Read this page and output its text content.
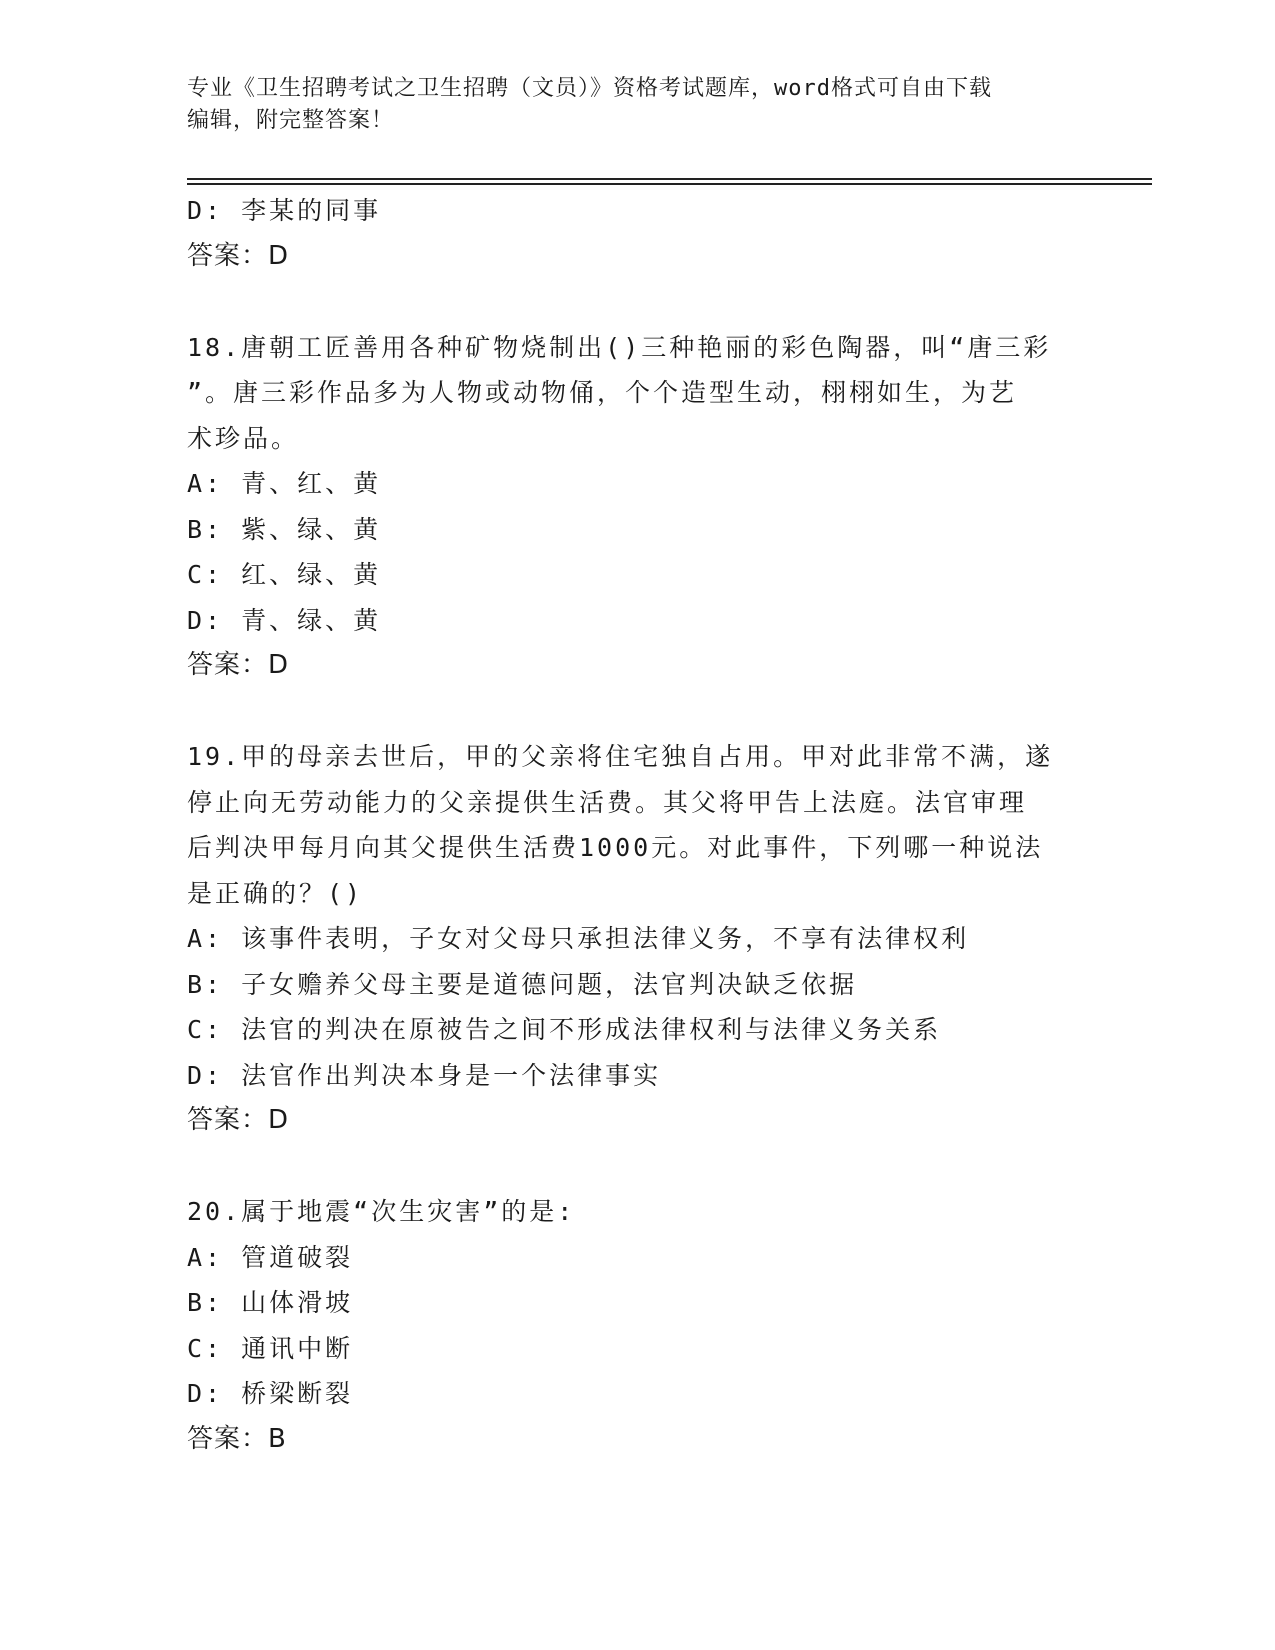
专业《卫生招聘考试之卫生招聘（文员）》资格考试题库，word格式可自由下载
编辑，附完整答案！
D: 李某的同事
答案：D
18.唐朝工匠善用各种矿物烧制出()三种艳丽的彩色陶器，叫“唐三彩
”。唐三彩作品多为人物或动物俑，个个造型生动，栩栩如生，为艺
术珍品。
A: 青、红、黄
B: 紫、绿、黄
C: 红、绿、黄
D: 青、绿、黄
答案：D
19.甲的母亲去世后，甲的父亲将住宅独自占用。甲对此非常不满，遂
停止向无劳动能力的父亲提供生活费。其父将甲告上法庭。法官审理
后判决甲每月向其父提供生活费1000元。对此事件，下列哪一种说法
是正确的？()
A: 该事件表明，子女对父母只承担法律义务，不享有法律权利
B: 子女赡养父母主要是道德问题，法官判决缺乏依据
C: 法官的判决在原被告之间不形成法律权利与法律义务关系
D: 法官作出判决本身是一个法律事实
答案：D
20.属于地震“次生灾害”的是:
A: 管道破裂
B: 山体滑坡
C: 通讯中断
D: 桥梁断裂
答案：B
